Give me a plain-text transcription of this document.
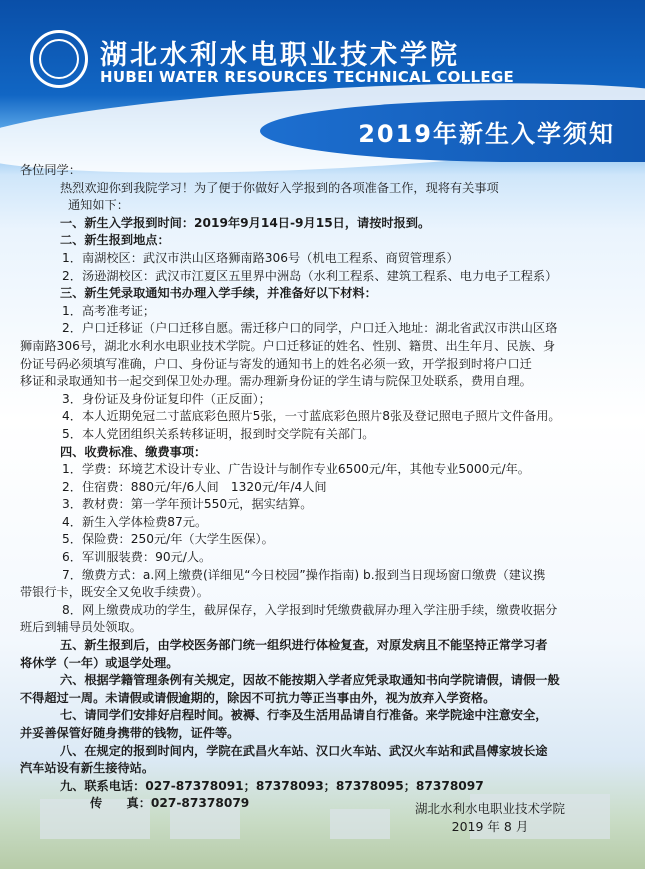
湖北水利水电职业技术学院
HUBEI WATER RESOURCES TECHNICAL COLLEGE
2019年新生入学须知

各位同学：

热烈欢迎你到我院学习！为了便于你做好入学报到的各项准备工作，现将有关事项

通知如下：

一、新生入学报到时间：2019年9月14日-9月15日，请按时报到。

二、新生报到地点：

1．南湖校区：武汉市洪山区珞狮南路306号（机电工程系、商贸管理系）

2．汤逊湖校区：武汉市江夏区五里界中洲岛（水利工程系、建筑工程系、电力电子工程系）

三、新生凭录取通知书办理入学手续，并准备好以下材料：

1．高考准考证；

2．户口迁移证（户口迁移自愿。需迁移户口的同学，户口迁入地址：湖北省武汉市洪山区珞

狮南路306号，湖北水利水电职业技术学院。户口迁移证的姓名、性别、籍贯、出生年月、民族、身

份证号码必须填写准确，户口、身份证与寄发的通知书上的姓名必须一致，开学报到时将户口迁

移证和录取通知书一起交到保卫处办理。需办理新身份证的学生请与院保卫处联系，费用自理。

3．身份证及身份证复印件（正反面）；

4．本人近期免冠二寸蓝底彩色照片5张，一寸蓝底彩色照片8张及登记照电子照片文件备用。

5．本人党团组织关系转移证明，报到时交学院有关部门。

四、收费标准、缴费事项：

1．学费：环境艺术设计专业、广告设计与制作专业6500元/年，其他专业5000元/年。

2．住宿费：880元/年/6人间　1320元/年/4人间

3．教材费：第一学年预计550元，据实结算。

4．新生入学体检费87元。

5．保险费：250元/年（大学生医保）。

6．军训服装费：90元/人。

7．缴费方式：a.网上缴费(详细见“今日校园”操作指南) b.报到当日现场窗口缴费（建议携

带银行卡，既安全又免收手续费）。

8．网上缴费成功的学生，截屏保存，入学报到时凭缴费截屏办理入学注册手续，缴费收据分

班后到辅导员处领取。

五、新生报到后，由学校医务部门统一组织进行体检复查，对原发病且不能坚持正常学习者

将休学（一年）或退学处理。

六、根据学籍管理条例有关规定，因故不能按期入学者应凭录取通知书向学院请假，请假一般

不得超过一周。未请假或请假逾期的，除因不可抗力等正当事由外，视为放弃入学资格。

七、请同学们安排好启程时间。被褥、行李及生活用品请自行准备。来学院途中注意安全，

并妥善保管好随身携带的钱物，证件等。

八、在规定的报到时间内，学院在武昌火车站、汉口火车站、武汉火车站和武昌傅家坡长途

汽车站设有新生接待站。

九、联系电话：027-87378091；87378093；87378095；87378097

传　　真：027-87378079	湖北水利水电职业技术学院
2019 年 8 月
